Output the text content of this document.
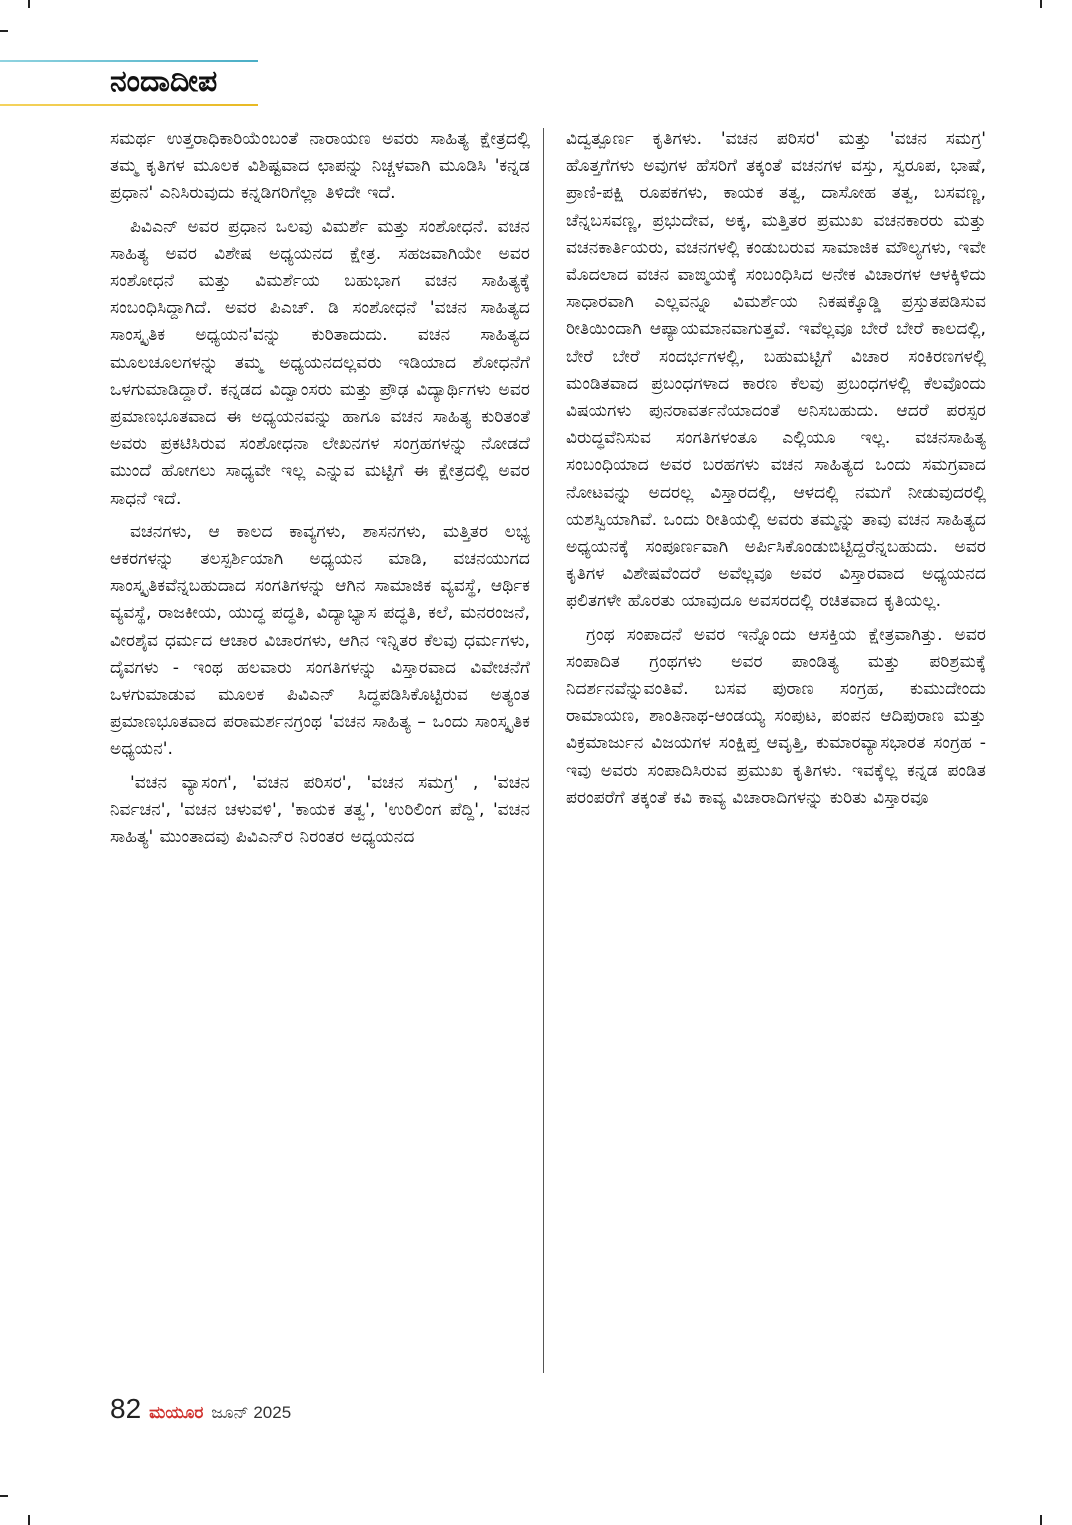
ನಂದಾದೀಪ

ಸಮರ್ಥ ಉತ್ತರಾಧಿಕಾರಿಯೆಂಬಂತೆ ನಾರಾಯಣ ಅವರು ಸಾಹಿತ್ಯ ಕ್ಷೇತ್ರದಲ್ಲಿ ತಮ್ಮ ಕೃತಿಗಳ ಮೂಲಕ ವಿಶಿಷ್ಟವಾದ ಛಾಪನ್ನು ನಿಚ್ಚಳವಾಗಿ ಮೂಡಿಸಿ 'ಕನ್ನಡ ಪ್ರಧಾನ' ಎನಿಸಿರುವುದು ಕನ್ನಡಿಗರಿಗೆಲ್ಲಾ ತಿಳಿದೇ ಇದೆ.

ಪಿವಿಎನ್ ಅವರ ಪ್ರಧಾನ ಒಲವು ವಿಮರ್ಶೆ ಮತ್ತು ಸಂಶೋಧನೆ. ವಚನ ಸಾಹಿತ್ಯ ಅವರ ವಿಶೇಷ ಅಧ್ಯಯನದ ಕ್ಷೇತ್ರ. ಸಹಜವಾಗಿಯೇ ಅವರ ಸಂಶೋಧನೆ ಮತ್ತು ವಿಮರ್ಶೆಯ ಬಹುಭಾಗ ವಚನ ಸಾಹಿತ್ಯಕ್ಕೆ ಸಂಬಂಧಿಸಿದ್ದಾಗಿದೆ. ಅವರ ಪಿಎಚ್. ಡಿ ಸಂಶೋಧನೆ 'ವಚನ ಸಾಹಿತ್ಯದ ಸಾಂಸ್ಕೃತಿಕ ಅಧ್ಯಯನ'ವನ್ನು ಕುರಿತಾದುದು. ವಚನ ಸಾಹಿತ್ಯದ ಮೂಲಚೂಲಗಳನ್ನು ತಮ್ಮ ಅಧ್ಯಯನದಲ್ಲವರು ಇಡಿಯಾದ ಶೋಧನೆಗೆ ಒಳಗುಮಾಡಿದ್ದಾರೆ. ಕನ್ನಡದ ವಿದ್ವಾಂಸರು ಮತ್ತು ಪ್ರೌಢ ವಿದ್ಯಾರ್ಥಿಗಳು ಅವರ ಪ್ರಮಾಣಭೂತವಾದ ಈ ಅಧ್ಯಯನವನ್ನು ಹಾಗೂ ವಚನ ಸಾಹಿತ್ಯ ಕುರಿತಂತೆ ಅವರು ಪ್ರಕಟಿಸಿರುವ ಸಂಶೋಧನಾ ಲೇಖನಗಳ ಸಂಗ್ರಹಗಳನ್ನು ನೋಡದೆ ಮುಂದೆ ಹೋಗಲು ಸಾಧ್ಯವೇ ಇಲ್ಲ ಎನ್ನುವ ಮಟ್ಟಿಗೆ ಈ ಕ್ಷೇತ್ರದಲ್ಲಿ ಅವರ ಸಾಧನೆ ಇದೆ.

ವಚನಗಳು, ಆ ಕಾಲದ ಕಾವ್ಯಗಳು, ಶಾಸನಗಳು, ಮತ್ತಿತರ ಲಭ್ಯ ಆಕರಗಳನ್ನು ತಲಸ್ಪರ್ಶಿಯಾಗಿ ಅಧ್ಯಯನ ಮಾಡಿ, ವಚನಯುಗದ ಸಾಂಸ್ಕೃತಿಕವೆನ್ನಬಹುದಾದ ಸಂಗತಿಗಳನ್ನು ಆಗಿನ ಸಾಮಾಜಿಕ ವ್ಯವಸ್ಥೆ, ಆರ್ಥಿಕ ವ್ಯವಸ್ಥೆ, ರಾಜಕೀಯ, ಯುದ್ಧ ಪದ್ಧತಿ, ವಿದ್ಯಾಭ್ಯಾಸ ಪದ್ಧತಿ, ಕಲೆ, ಮನರಂಜನೆ, ವೀರಶೈವ ಧರ್ಮದ ಆಚಾರ ವಿಚಾರಗಳು, ಆಗಿನ ಇನ್ನಿತರ ಕೆಲವು ಧರ್ಮಗಳು, ದೈವಗಳು - ಇಂಥ ಹಲವಾರು ಸಂಗತಿಗಳನ್ನು ವಿಸ್ತಾರವಾದ ವಿವೇಚನೆಗೆ ಒಳಗುಮಾಡುವ ಮೂಲಕ ಪಿವಿಎನ್ ಸಿದ್ಧಪಡಿಸಿಕೊಟ್ಟಿರುವ ಅತ್ಯಂತ ಪ್ರಮಾಣಭೂತವಾದ ಪರಾಮರ್ಶನಗ್ರಂಥ 'ವಚನ ಸಾಹಿತ್ಯ – ಒಂದು ಸಾಂಸ್ಕೃತಿಕ ಅಧ್ಯಯನ'.

'ವಚನ ವ್ಯಾಸಂಗ', 'ವಚನ ಪರಿಸರ', 'ವಚನ ಸಮಗ್ರ' , 'ವಚನ ನಿರ್ವಚನ', 'ವಚನ ಚಳುವಳಿ', 'ಕಾಯಕ ತತ್ವ', 'ಉರಿಲಿಂಗ ಪೆದ್ದಿ', 'ವಚನ ಸಾಹಿತ್ಯ' ಮುಂತಾದವು ಪಿವಿಎನ್‌ರ ನಿರಂತರ ಅಧ್ಯಯನದ

ವಿದ್ವತ್ಪೂರ್ಣ ಕೃತಿಗಳು. 'ವಚನ ಪರಿಸರ' ಮತ್ತು 'ವಚನ ಸಮಗ್ರ' ಹೊತ್ತಗೆಗಳು ಅವುಗಳ ಹೆಸರಿಗೆ ತಕ್ಕಂತೆ ವಚನಗಳ ವಸ್ತು, ಸ್ವರೂಪ, ಭಾಷೆ, ಪ್ರಾಣಿ-ಪಕ್ಷಿ ರೂಪಕಗಳು, ಕಾಯಕ ತತ್ವ, ದಾಸೋಹ ತತ್ವ, ಬಸವಣ್ಣ, ಚೆನ್ನಬಸವಣ್ಣ, ಪ್ರಭುದೇವ, ಅಕ್ಕ, ಮತ್ತಿತರ ಪ್ರಮುಖ ವಚನಕಾರರು ಮತ್ತು ವಚನಕಾರ್ತಿಯರು, ವಚನಗಳಲ್ಲಿ ಕಂಡುಬರುವ ಸಾಮಾಜಿಕ ಮೌಲ್ಯಗಳು, ಇವೇ ಮೊದಲಾದ ವಚನ ವಾಙ್ಮಯಕ್ಕೆ ಸಂಬಂಧಿಸಿದ ಅನೇಕ ವಿಚಾರಗಳ ಆಳಕ್ಕಿಳಿದು ಸಾಧಾರವಾಗಿ ಎಲ್ಲವನ್ನೂ ವಿಮರ್ಶೆಯ ನಿಕಷಕ್ಕೊಡ್ಡಿ ಪ್ರಸ್ತುತಪಡಿಸುವ ರೀತಿಯಿಂದಾಗಿ ಆಪ್ಯಾಯಮಾನವಾಗುತ್ತವೆ. ಇವೆಲ್ಲವೂ ಬೇರೆ ಬೇರೆ ಕಾಲದಲ್ಲಿ, ಬೇರೆ ಬೇರೆ ಸಂದರ್ಭಗಳಲ್ಲಿ, ಬಹುಮಟ್ಟಿಗೆ ವಿಚಾರ ಸಂಕಿರಣಗಳಲ್ಲಿ ಮಂಡಿತವಾದ ಪ್ರಬಂಧಗಳಾದ ಕಾರಣ ಕೆಲವು ಪ್ರಬಂಧಗಳಲ್ಲಿ ಕೆಲವೊಂದು ವಿಷಯಗಳು ಪುನರಾವರ್ತನೆಯಾದಂತೆ ಅನಿಸಬಹುದು. ಆದರೆ ಪರಸ್ಪರ ವಿರುದ್ಧವೆನಿಸುವ ಸಂಗತಿಗಳಂತೂ ಎಲ್ಲಿಯೂ ಇಲ್ಲ. ವಚನಸಾಹಿತ್ಯ ಸಂಬಂಧಿಯಾದ ಅವರ ಬರಹಗಳು ವಚನ ಸಾಹಿತ್ಯದ ಒಂದು ಸಮಗ್ರವಾದ ನೋಟವನ್ನು ಅದರಲ್ಲ ವಿಸ್ತಾರದಲ್ಲಿ, ಆಳದಲ್ಲಿ ನಮಗೆ ನೀಡುವುದರಲ್ಲಿ ಯಶಸ್ವಿಯಾಗಿವೆ. ಒಂದು ರೀತಿಯಲ್ಲಿ ಅವರು ತಮ್ಮನ್ನು ತಾವು ವಚನ ಸಾಹಿತ್ಯದ ಅಧ್ಯಯನಕ್ಕೆ ಸಂಪೂರ್ಣವಾಗಿ ಅರ್ಪಿಸಿಕೊಂಡುಬಿಟ್ಟಿದ್ದರೆನ್ನಬಹುದು. ಅವರ ಕೃತಿಗಳ ವಿಶೇಷವೆಂದರೆ ಅವೆಲ್ಲವೂ ಅವರ ವಿಸ್ತಾರವಾದ ಅಧ್ಯಯನದ ಫಲಿತಗಳೇ ಹೊರತು ಯಾವುದೂ ಅವಸರದಲ್ಲಿ ರಚಿತವಾದ ಕೃತಿಯಲ್ಲ.

ಗ್ರಂಥ ಸಂಪಾದನೆ ಅವರ ಇನ್ನೊಂದು ಆಸಕ್ತಿಯ ಕ್ಷೇತ್ರವಾಗಿತ್ತು. ಅವರ ಸಂಪಾದಿತ ಗ್ರಂಥಗಳು ಅವರ ಪಾಂಡಿತ್ಯ ಮತ್ತು ಪರಿಶ್ರಮಕ್ಕೆ ನಿದರ್ಶನವೆನ್ನುವಂತಿವೆ. ಬಸವ ಪುರಾಣ ಸಂಗ್ರಹ, ಕುಮುದೇಂದು ರಾಮಾಯಣ, ಶಾಂತಿನಾಥ-ಆಂಡಯ್ಯ ಸಂಪುಟ, ಪಂಪನ ಆದಿಪುರಾಣ ಮತ್ತು ವಿಕ್ರಮಾರ್ಜುನ ವಿಜಯಗಳ ಸಂಕ್ಷಿಪ್ತ ಆವೃತ್ತಿ, ಕುಮಾರವ್ಯಾಸಭಾರತ ಸಂಗ್ರಹ - ಇವು ಅವರು ಸಂಪಾದಿಸಿರುವ ಪ್ರಮುಖ ಕೃತಿಗಳು. ಇವಕ್ಕೆಲ್ಲ ಕನ್ನಡ ಪಂಡಿತ ಪರಂಪರೆಗೆ ತಕ್ಕಂತೆ ಕವಿ ಕಾವ್ಯ ವಿಚಾರಾದಿಗಳನ್ನು ಕುರಿತು ವಿಸ್ತಾರವೂ

82 ಮಯೂರ ಜೂನ್ 2025
